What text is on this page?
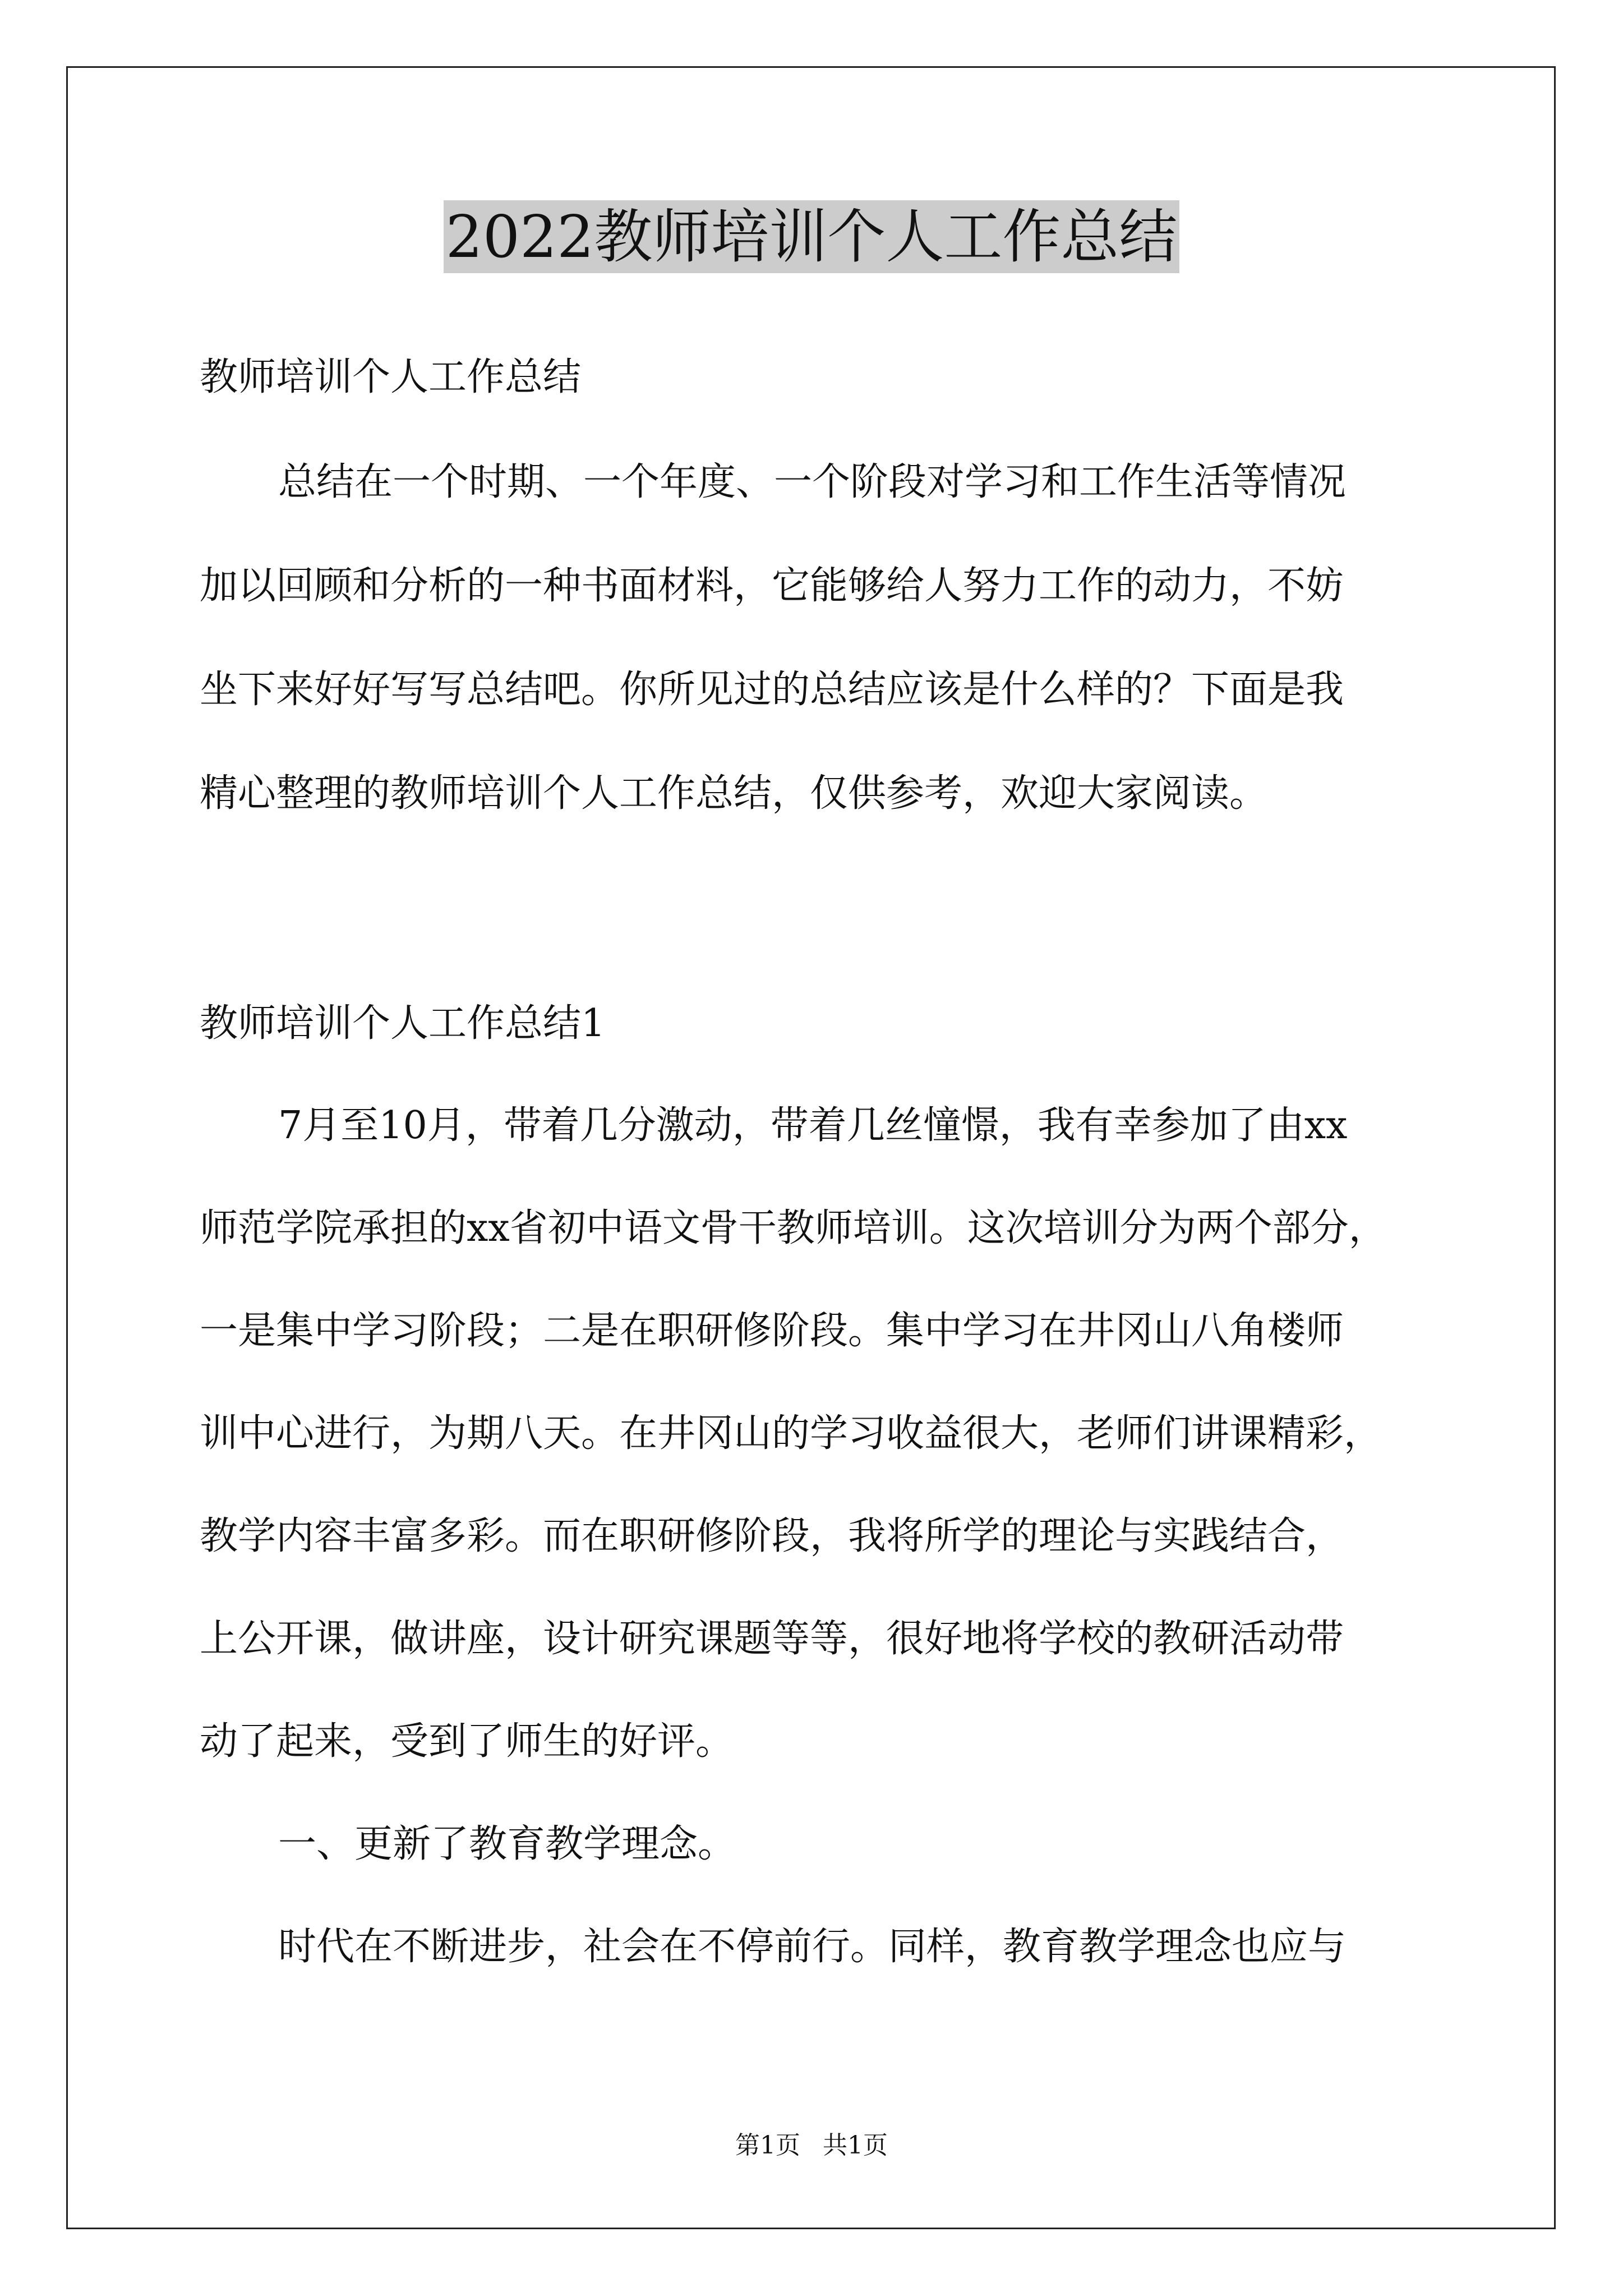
2022教师培训个人工作总结

教师培训个人工作总结

总结在一个时期、一个年度、一个阶段对学习和工作生活等情况

加以回顾和分析的一种书面材料，它能够给人努力工作的动力，不妨

坐下来好好写写总结吧。你所见过的总结应该是什么样的？下面是我

精心整理的教师培训个人工作总结，仅供参考，欢迎大家阅读。

教师培训个人工作总结1

7月至10月，带着几分激动，带着几丝憧憬，我有幸参加了由xx

师范学院承担的xx省初中语文骨干教师培训。这次培训分为两个部分，

一是集中学习阶段；二是在职研修阶段。集中学习在井冈山八角楼师

训中心进行，为期八天。在井冈山的学习收益很大，老师们讲课精彩，

教学内容丰富多彩。而在职研修阶段，我将所学的理论与实践结合，

上公开课，做讲座，设计研究课题等等，很好地将学校的教研活动带

动了起来，受到了师生的好评。

一、更新了教育教学理念。

时代在不断进步，社会在不停前行。同样，教育教学理念也应与

第1页 共1页
